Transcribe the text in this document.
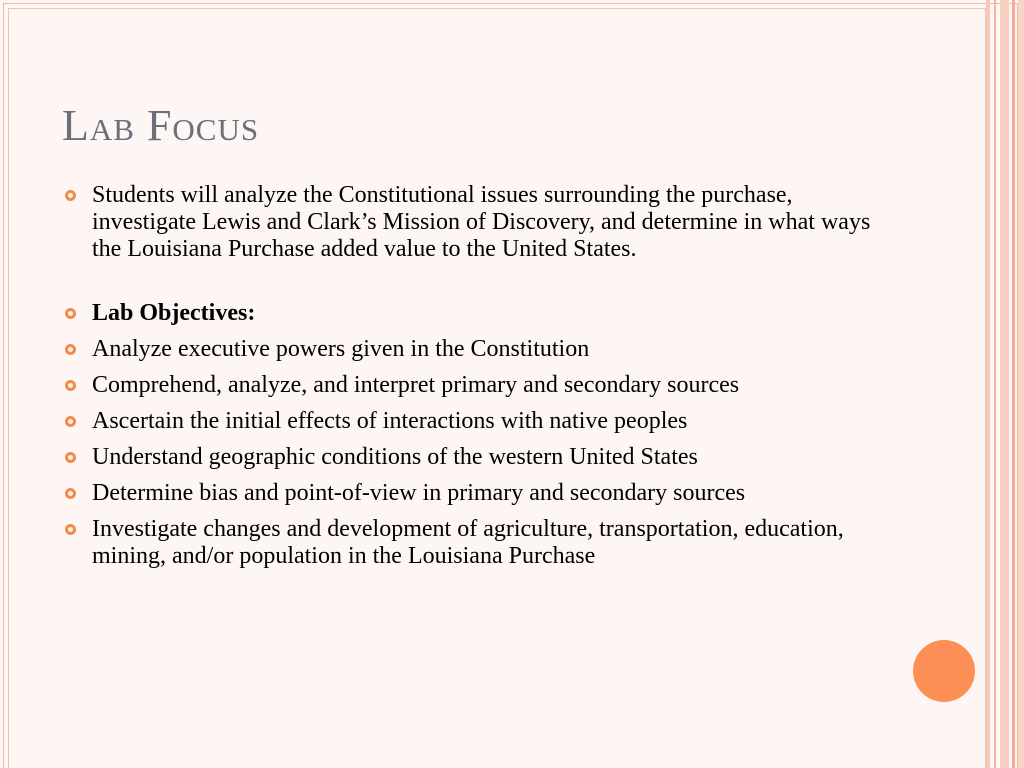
Lab Focus
Students will analyze the Constitutional issues surrounding the purchase, investigate Lewis and Clark’s Mission of Discovery, and determine in what ways the Louisiana Purchase added value to the United States.
Lab Objectives:
Analyze executive powers given in the Constitution
Comprehend, analyze, and interpret primary and secondary sources
Ascertain the initial effects of interactions with native peoples
Understand geographic conditions of the western United States
Determine bias and point-of-view in primary and secondary sources
Investigate changes and development of agriculture, transportation, education, mining, and/or population in the Louisiana Purchase
